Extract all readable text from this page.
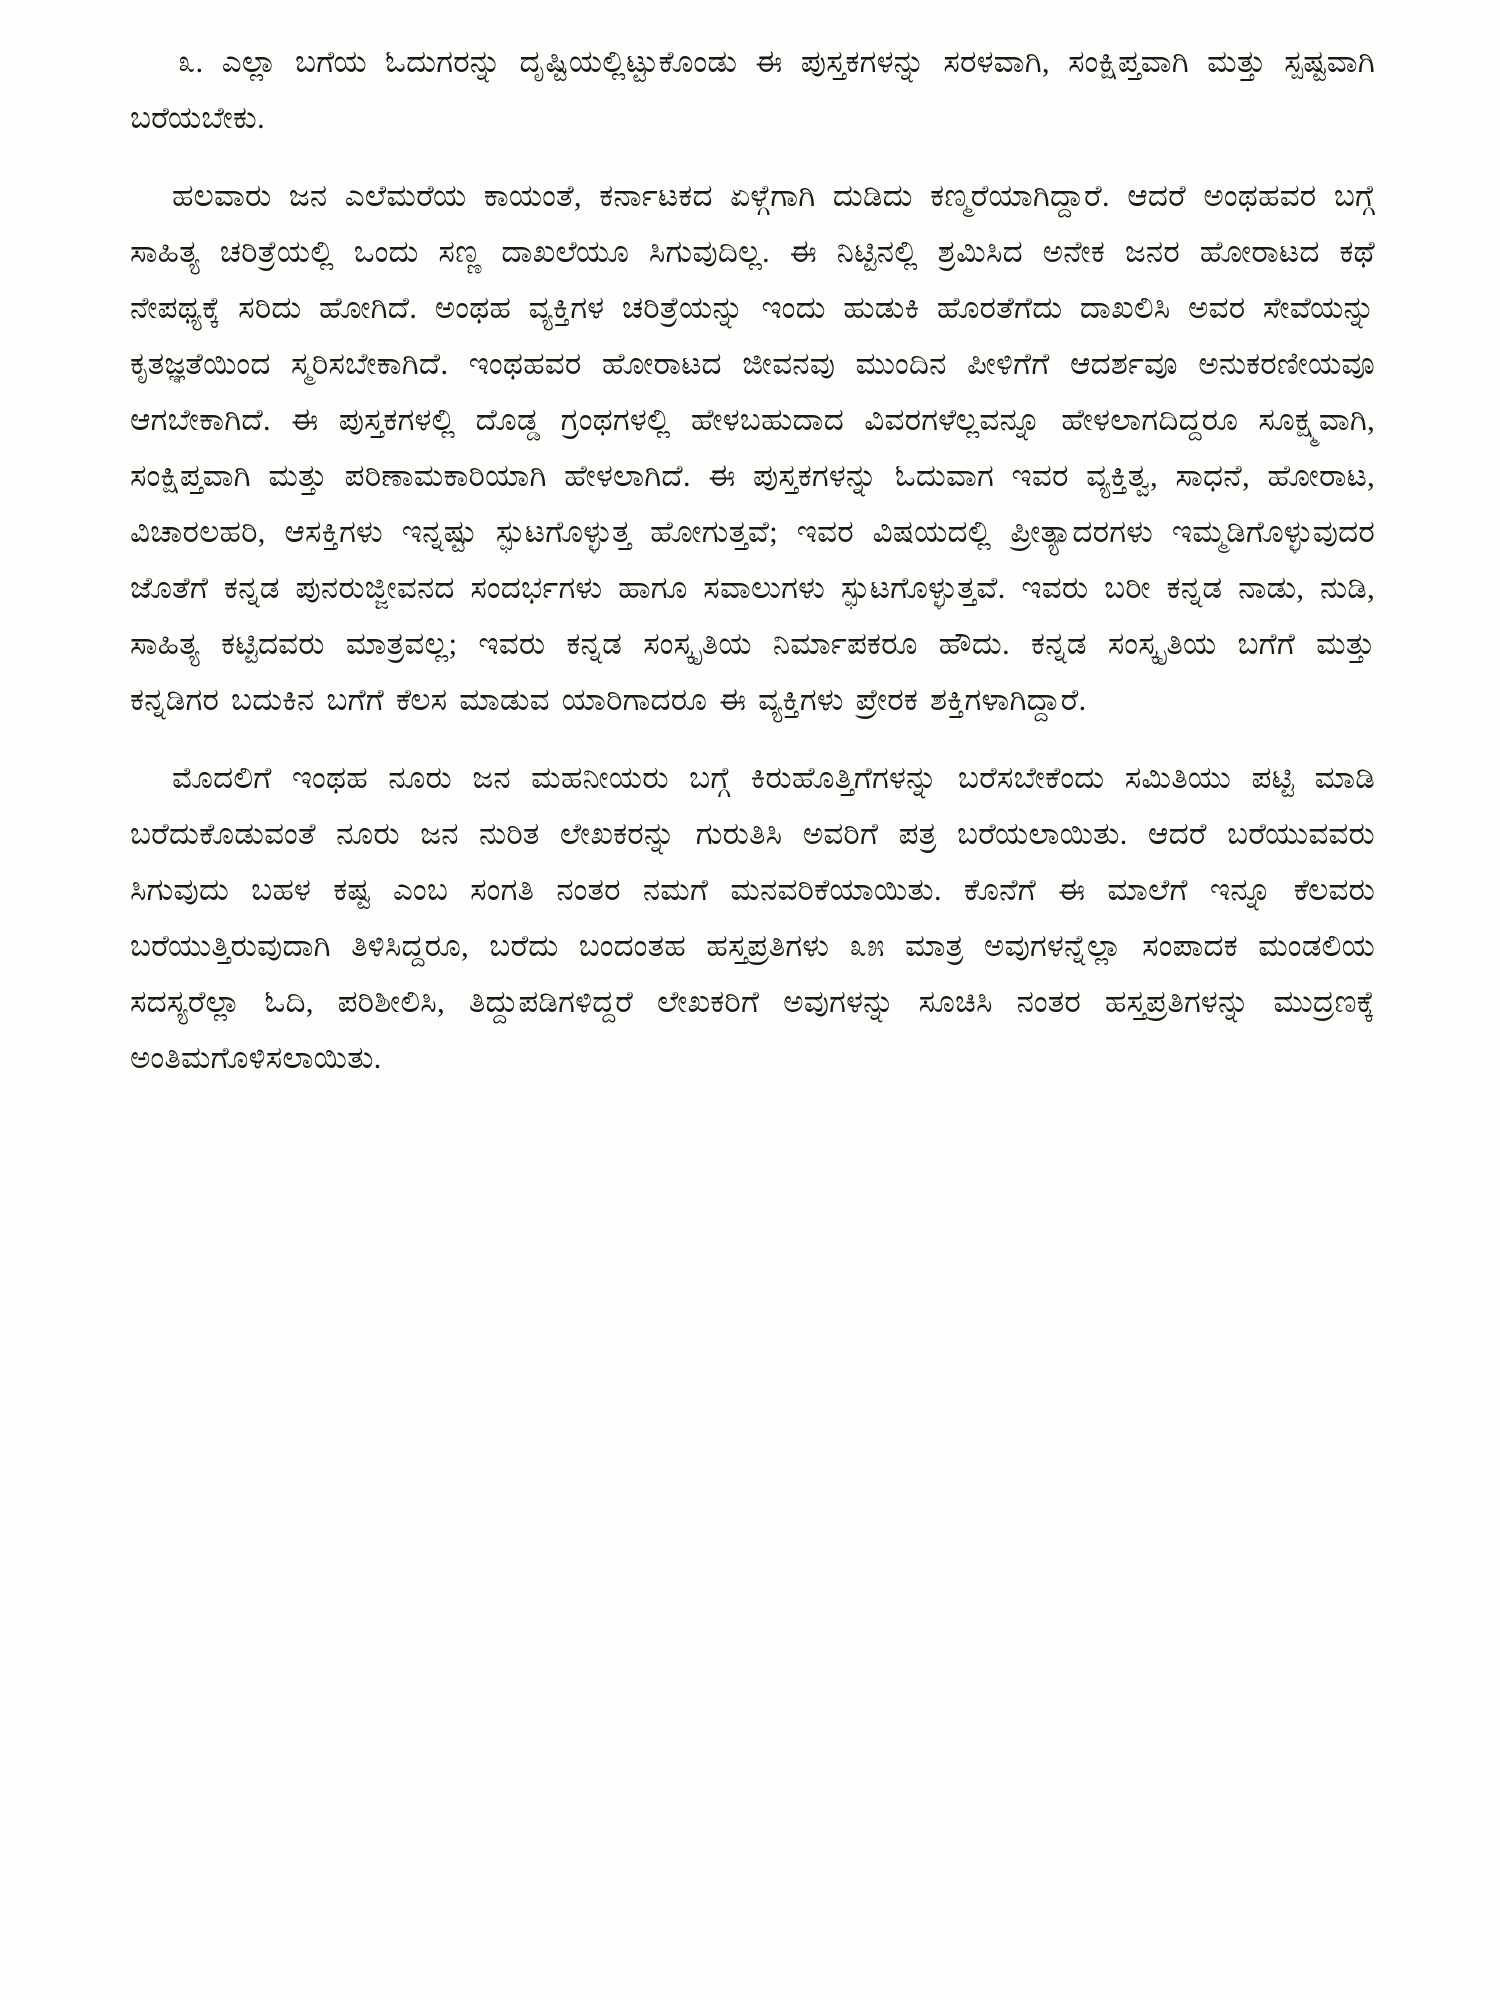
೩. ಎಲ್ಲಾ ಬಗೆಯ ಓದುಗರನ್ನು ದೃಷ್ಟಿಯಲ್ಲಿಟ್ಟುಕೊಂಡು ಈ ಪುಸ್ತಕಗಳನ್ನು ಸರಳವಾಗಿ, ಸಂಕ್ಷಿಪ್ತವಾಗಿ ಮತ್ತು ಸ್ಪಷ್ಟವಾಗಿ ಬರೆಯಬೇಕು.

ಹಲವಾರು ಜನ ಎಲೆಮರೆಯ ಕಾಯಂತೆ, ಕರ್ನಾಟಕದ ಏಳ್ಗೆಗಾಗಿ ದುಡಿದು ಕಣ್ಮರೆಯಾಗಿದ್ದಾರೆ. ಆದರೆ ಅಂಥಹವರ ಬಗ್ಗೆ ಸಾಹಿತ್ಯ ಚರಿತ್ರೆಯಲ್ಲಿ ಒಂದು ಸಣ್ಣ ದಾಖಲೆಯೂ ಸಿಗುವುದಿಲ್ಲ. ಈ ನಿಟ್ಟಿನಲ್ಲಿ ಶ್ರಮಿಸಿದ ಅನೇಕ ಜನರ ಹೋರಾಟದ ಕಥೆ ನೇಪಥ್ಯಕ್ಕೆ ಸರಿದು ಹೋಗಿದೆ. ಅಂಥಹ ವ್ಯಕ್ತಿಗಳ ಚರಿತ್ರೆಯನ್ನು ಇಂದು ಹುಡುಕಿ ಹೊರತೆಗೆದು ದಾಖಲಿಸಿ ಅವರ ಸೇವೆಯನ್ನು ಕೃತಜ್ಞತೆಯಿಂದ ಸ್ಮರಿಸಬೇಕಾಗಿದೆ. ಇಂಥಹವರ ಹೋರಾಟದ ಜೀವನವು ಮುಂದಿನ ಪೀಳಿಗೆಗೆ ಆದರ್ಶವೂ ಅನುಕರಣೀಯವೂ ಆಗಬೇಕಾಗಿದೆ. ಈ ಪುಸ್ತಕಗಳಲ್ಲಿ ದೊಡ್ಡ ಗ್ರಂಥಗಳಲ್ಲಿ ಹೇಳಬಹುದಾದ ವಿವರಗಳೆಲ್ಲವನ್ನೂ ಹೇಳಲಾಗದಿದ್ದರೂ ಸೂಕ್ಷ್ಮವಾಗಿ, ಸಂಕ್ಷಿಪ್ತವಾಗಿ ಮತ್ತು ಪರಿಣಾಮಕಾರಿಯಾಗಿ ಹೇಳಲಾಗಿದೆ. ಈ ಪುಸ್ತಕಗಳನ್ನು ಓದುವಾಗ ಇವರ ವ್ಯಕ್ತಿತ್ವ, ಸಾಧನೆ, ಹೋರಾಟ, ವಿಚಾರಲಹರಿ, ಆಸಕ್ತಿಗಳು ಇನ್ನಷ್ಟು ಸ್ಫುಟಗೊಳ್ಳುತ್ತ ಹೋಗುತ್ತವೆ; ಇವರ ವಿಷಯದಲ್ಲಿ ಪ್ರೀತ್ಯಾದರಗಳು ಇಮ್ಮಡಿಗೊಳ್ಳುವುದರ ಜೊತೆಗೆ ಕನ್ನಡ ಪುನರುಜ್ಜೀವನದ ಸಂದರ್ಭಗಳು ಹಾಗೂ ಸವಾಲುಗಳು ಸ್ಫುಟಗೊಳ್ಳುತ್ತವೆ. ಇವರು ಬರೀ ಕನ್ನಡ ನಾಡು, ನುಡಿ, ಸಾಹಿತ್ಯ ಕಟ್ಟಿದವರು ಮಾತ್ರವಲ್ಲ; ಇವರು ಕನ್ನಡ ಸಂಸ್ಕೃತಿಯ ನಿರ್ಮಾಪಕರೂ ಹೌದು. ಕನ್ನಡ ಸಂಸ್ಕೃತಿಯ ಬಗೆಗೆ ಮತ್ತು ಕನ್ನಡಿಗರ ಬದುಕಿನ ಬಗೆಗೆ ಕೆಲಸ ಮಾಡುವ ಯಾರಿಗಾದರೂ ಈ ವ್ಯಕ್ತಿಗಳು ಪ್ರೇರಕ ಶಕ್ತಿಗಳಾಗಿದ್ದಾರೆ.

ಮೊದಲಿಗೆ ಇಂಥಹ ನೂರು ಜನ ಮಹನೀಯರು ಬಗ್ಗೆ ಕಿರುಹೊತ್ತಿಗೆಗಳನ್ನು ಬರೆಸಬೇಕೆಂದು ಸಮಿತಿಯು ಪಟ್ಟಿ ಮಾಡಿ ಬರೆದುಕೊಡುವಂತೆ ನೂರು ಜನ ನುರಿತ ಲೇಖಕರನ್ನು ಗುರುತಿಸಿ ಅವರಿಗೆ ಪತ್ರ ಬರೆಯಲಾಯಿತು. ಆದರೆ ಬರೆಯುವವರು ಸಿಗುವುದು ಬಹಳ ಕಷ್ಟ ಎಂಬ ಸಂಗತಿ ನಂತರ ನಮಗೆ ಮನವರಿಕೆಯಾಯಿತು. ಕೊನೆಗೆ ಈ ಮಾಲೆಗೆ ಇನ್ನೂ ಕೆಲವರು ಬರೆಯುತ್ತಿರುವುದಾಗಿ ತಿಳಿಸಿದ್ದರೂ, ಬರೆದು ಬಂದಂತಹ ಹಸ್ತಪ್ರತಿಗಳು ೩೫ ಮಾತ್ರ ಅವುಗಳನ್ನೆಲ್ಲಾ ಸಂಪಾದಕ ಮಂಡಲಿಯ ಸದಸ್ಯರೆಲ್ಲಾ ಓದಿ, ಪರಿಶೀಲಿಸಿ, ತಿದ್ದುಪಡಿಗಳಿದ್ದರೆ ಲೇಖಕರಿಗೆ ಅವುಗಳನ್ನು ಸೂಚಿಸಿ ನಂತರ ಹಸ್ತಪ್ರತಿಗಳನ್ನು ಮುದ್ರಣಕ್ಕೆ ಅಂತಿಮಗೊಳಿಸಲಾಯಿತು.
